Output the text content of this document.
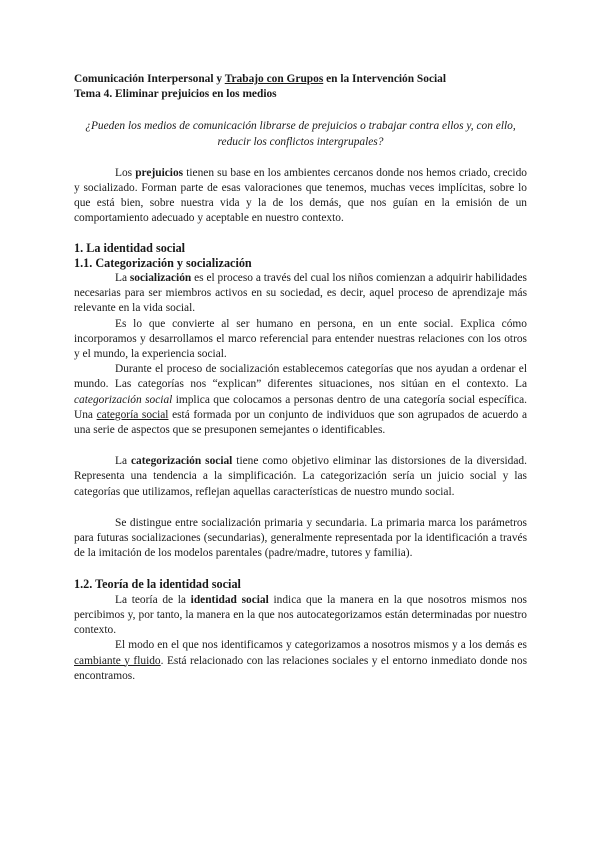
Comunicación Interpersonal y Trabajo con Grupos en la Intervención Social
Tema 4. Eliminar prejuicios en los medios
¿Pueden los medios de comunicación librarse de prejuicios o trabajar contra ellos y, con ello, reducir los conflictos intergrupales?

Los prejuicios tienen su base en los ambientes cercanos donde nos hemos criado, crecido y socializado. Forman parte de esas valoraciones que tenemos, muchas veces implícitas, sobre lo que está bien, sobre nuestra vida y la de los demás, que nos guían en la emisión de un comportamiento adecuado y aceptable en nuestro contexto.

1. La identidad social
1.1. Categorización y socialización

La socialización es el proceso a través del cual los niños comienzan a adquirir habilidades necesarias para ser miembros activos en su sociedad, es decir, aquel proceso de aprendizaje más relevante en la vida social.

Es lo que convierte al ser humano en persona, en un ente social. Explica cómo incorporamos y desarrollamos el marco referencial para entender nuestras relaciones con los otros y el mundo, la experiencia social.

Durante el proceso de socialización establecemos categorías que nos ayudan a ordenar el mundo. Las categorías nos “explican” diferentes situaciones, nos sitúan en el contexto. La categorización social implica que colocamos a personas dentro de una categoría social específica. Una categoría social está formada por un conjunto de individuos que son agrupados de acuerdo a una serie de aspectos que se presuponen semejantes o identificables.

La categorización social tiene como objetivo eliminar las distorsiones de la diversidad. Representa una tendencia a la simplificación. La categorización sería un juicio social y las categorías que utilizamos, reflejan aquellas características de nuestro mundo social.

Se distingue entre socialización primaria y secundaria. La primaria marca los parámetros para futuras socializaciones (secundarias), generalmente representada por la identificación a través de la imitación de los modelos parentales (padre/madre, tutores y familia).

1.2. Teoría de la identidad social

La teoría de la identidad social indica que la manera en la que nosotros mismos nos percibimos y, por tanto, la manera en la que nos autocategorizamos están determinadas por nuestro contexto.

El modo en el que nos identificamos y categorizamos a nosotros mismos y a los demás es cambiante y fluido. Está relacionado con las relaciones sociales y el entorno inmediato donde nos encontramos.
